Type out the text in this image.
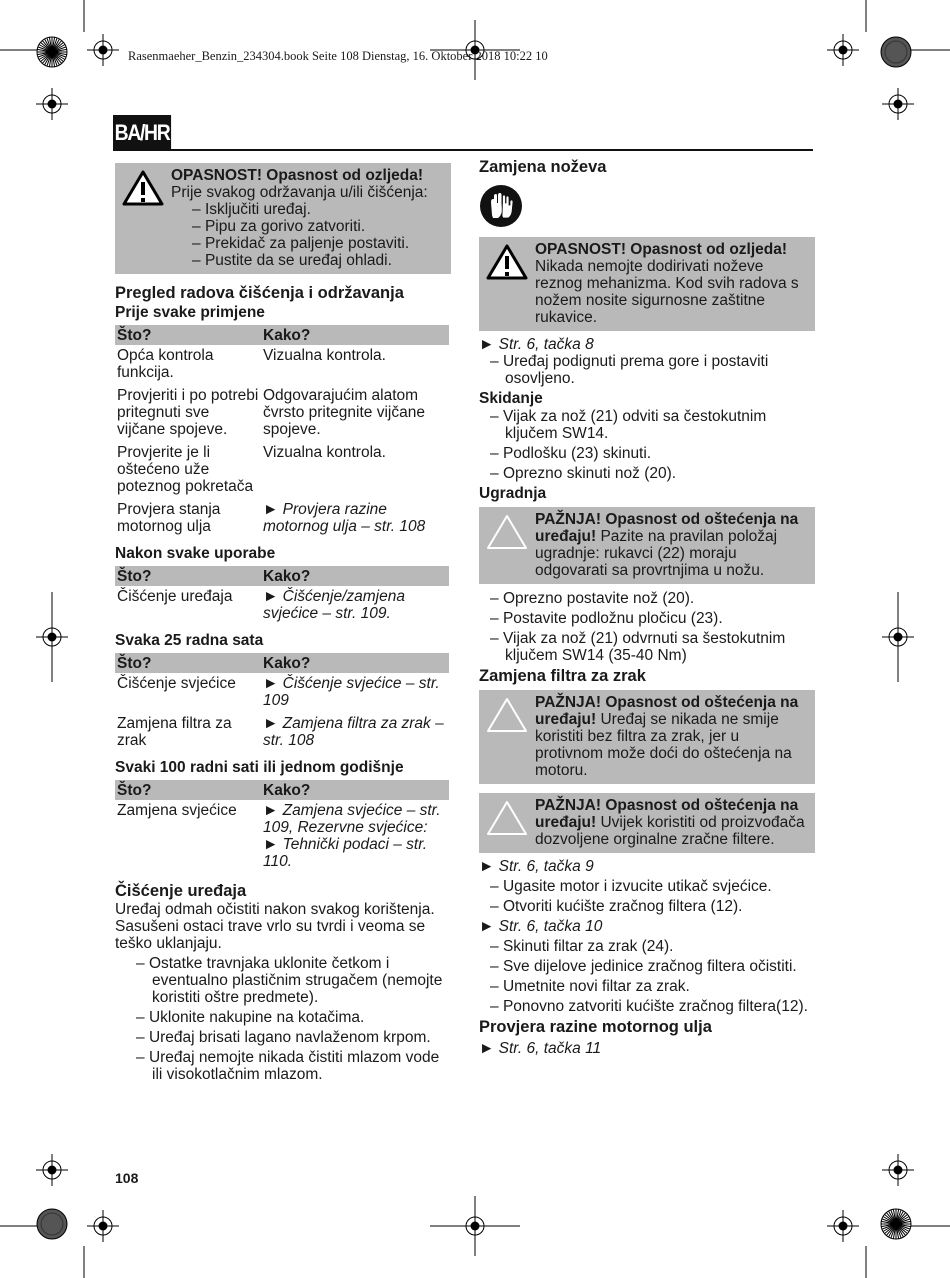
Rasenmaeher_Benzin_234304.book Seite 108 Dienstag, 16. Oktober 2018 10:22 10
BA/HR
OPASNOST! Opasnost od ozljeda!
Prije svakog održavanja u/ili čišćenja:
– Isključiti uređaj.
– Pipu za gorivo zatvoriti.
– Prekidač za paljenje postaviti.
– Pustite da se uređaj ohladi.
Pregled radova čišćenja i održavanja
Prije svake primjene
Što?	Kako?
Opća kontrola funkcija.	Vizualna kontrola.
Provjeriti i po potrebi pritegnuti sve vijčane spojeve.	Odgovarajućim alatom čvrsto pritegnite vijčane spojeve.
Provjerite je li oštećeno uže poteznog pokretača	Vizualna kontrola.
Provjera stanja motornog ulja	► Provjera razine motornog ulja – str. 108
Nakon svake uporabe
Što?	Kako?
Čišćenje uređaja	► Čišćenje/zamjena svjećice – str. 109.
Svaka 25 radna sata
Što?	Kako?
Čišćenje svjećice	► Čišćenje svjećice – str. 109
Zamjena filtra za zrak	► Zamjena filtra za zrak – str. 108
Svaki 100 radni sati ili jednom godišnje
Što?	Kako?
Zamjena svjećice	► Zamjena svjećice – str. 109, Rezervne svjećice: ► Tehnički podaci – str. 110.
Čišćenje uređaja
Uređaj odmah očistiti nakon svakog korištenja. Sasušeni ostaci trave vrlo su tvrdi i veoma se teško uklanjaju.
– Ostatke travnjaka uklonite četkom i eventualno plastičnim strugačem (nemojte koristiti oštre predmete).
– Uklonite nakupine na kotačima.
– Uređaj brisati lagano navlaženom krpom.
– Uređaj nemojte nikada čistiti mlazom vode ili visokotlačnim mlazom.
Zamjena noževa
OPASNOST! Opasnost od ozljeda! Nikada nemojte dodirivati noževe reznog mehanizma. Kod svih radova s nožem nosite sigurnosne zaštitne rukavice.
► Str. 6, tačka 8
– Uređaj podignuti prema gore i postaviti osovljeno.
Skidanje
– Vijak za nož (21) odviti sa čestokutnim ključem SW14.
– Podlošku (23) skinuti.
– Oprezno skinuti nož (20).
Ugradnja
PAŽNJA! Opasnost od oštećenja na uređaju! Pazite na pravilan položaj ugradnje: rukavci (22) moraju odgovarati sa provrtnjima u nožu.
– Oprezno postavite nož (20).
– Postavite podložnu pločicu (23).
– Vijak za nož (21) odvrnuti sa šestokutnim ključem SW14 (35-40 Nm)
Zamjena filtra za zrak
PAŽNJA! Opasnost od oštećenja na uređaju! Uređaj se nikada ne smije koristiti bez filtra za zrak, jer u protivnom može doći do oštećenja na motoru.
PAŽNJA! Opasnost od oštećenja na uređaju! Uvijek koristiti od proizvođača dozvoljene orginalne zračne filtere.
► Str. 6, tačka 9
– Ugasite motor i izvucite utikač svjećice.
– Otvoriti kućište zračnog filtera (12).
► Str. 6, tačka 10
– Skinuti filtar za zrak (24).
– Sve dijelove jedinice zračnog filtera očistiti.
– Umetnite novi filtar za zrak.
– Ponovno zatvoriti kućište zračnog filtera(12).
Provjera razine motornog ulja
► Str. 6, tačka 11
108
